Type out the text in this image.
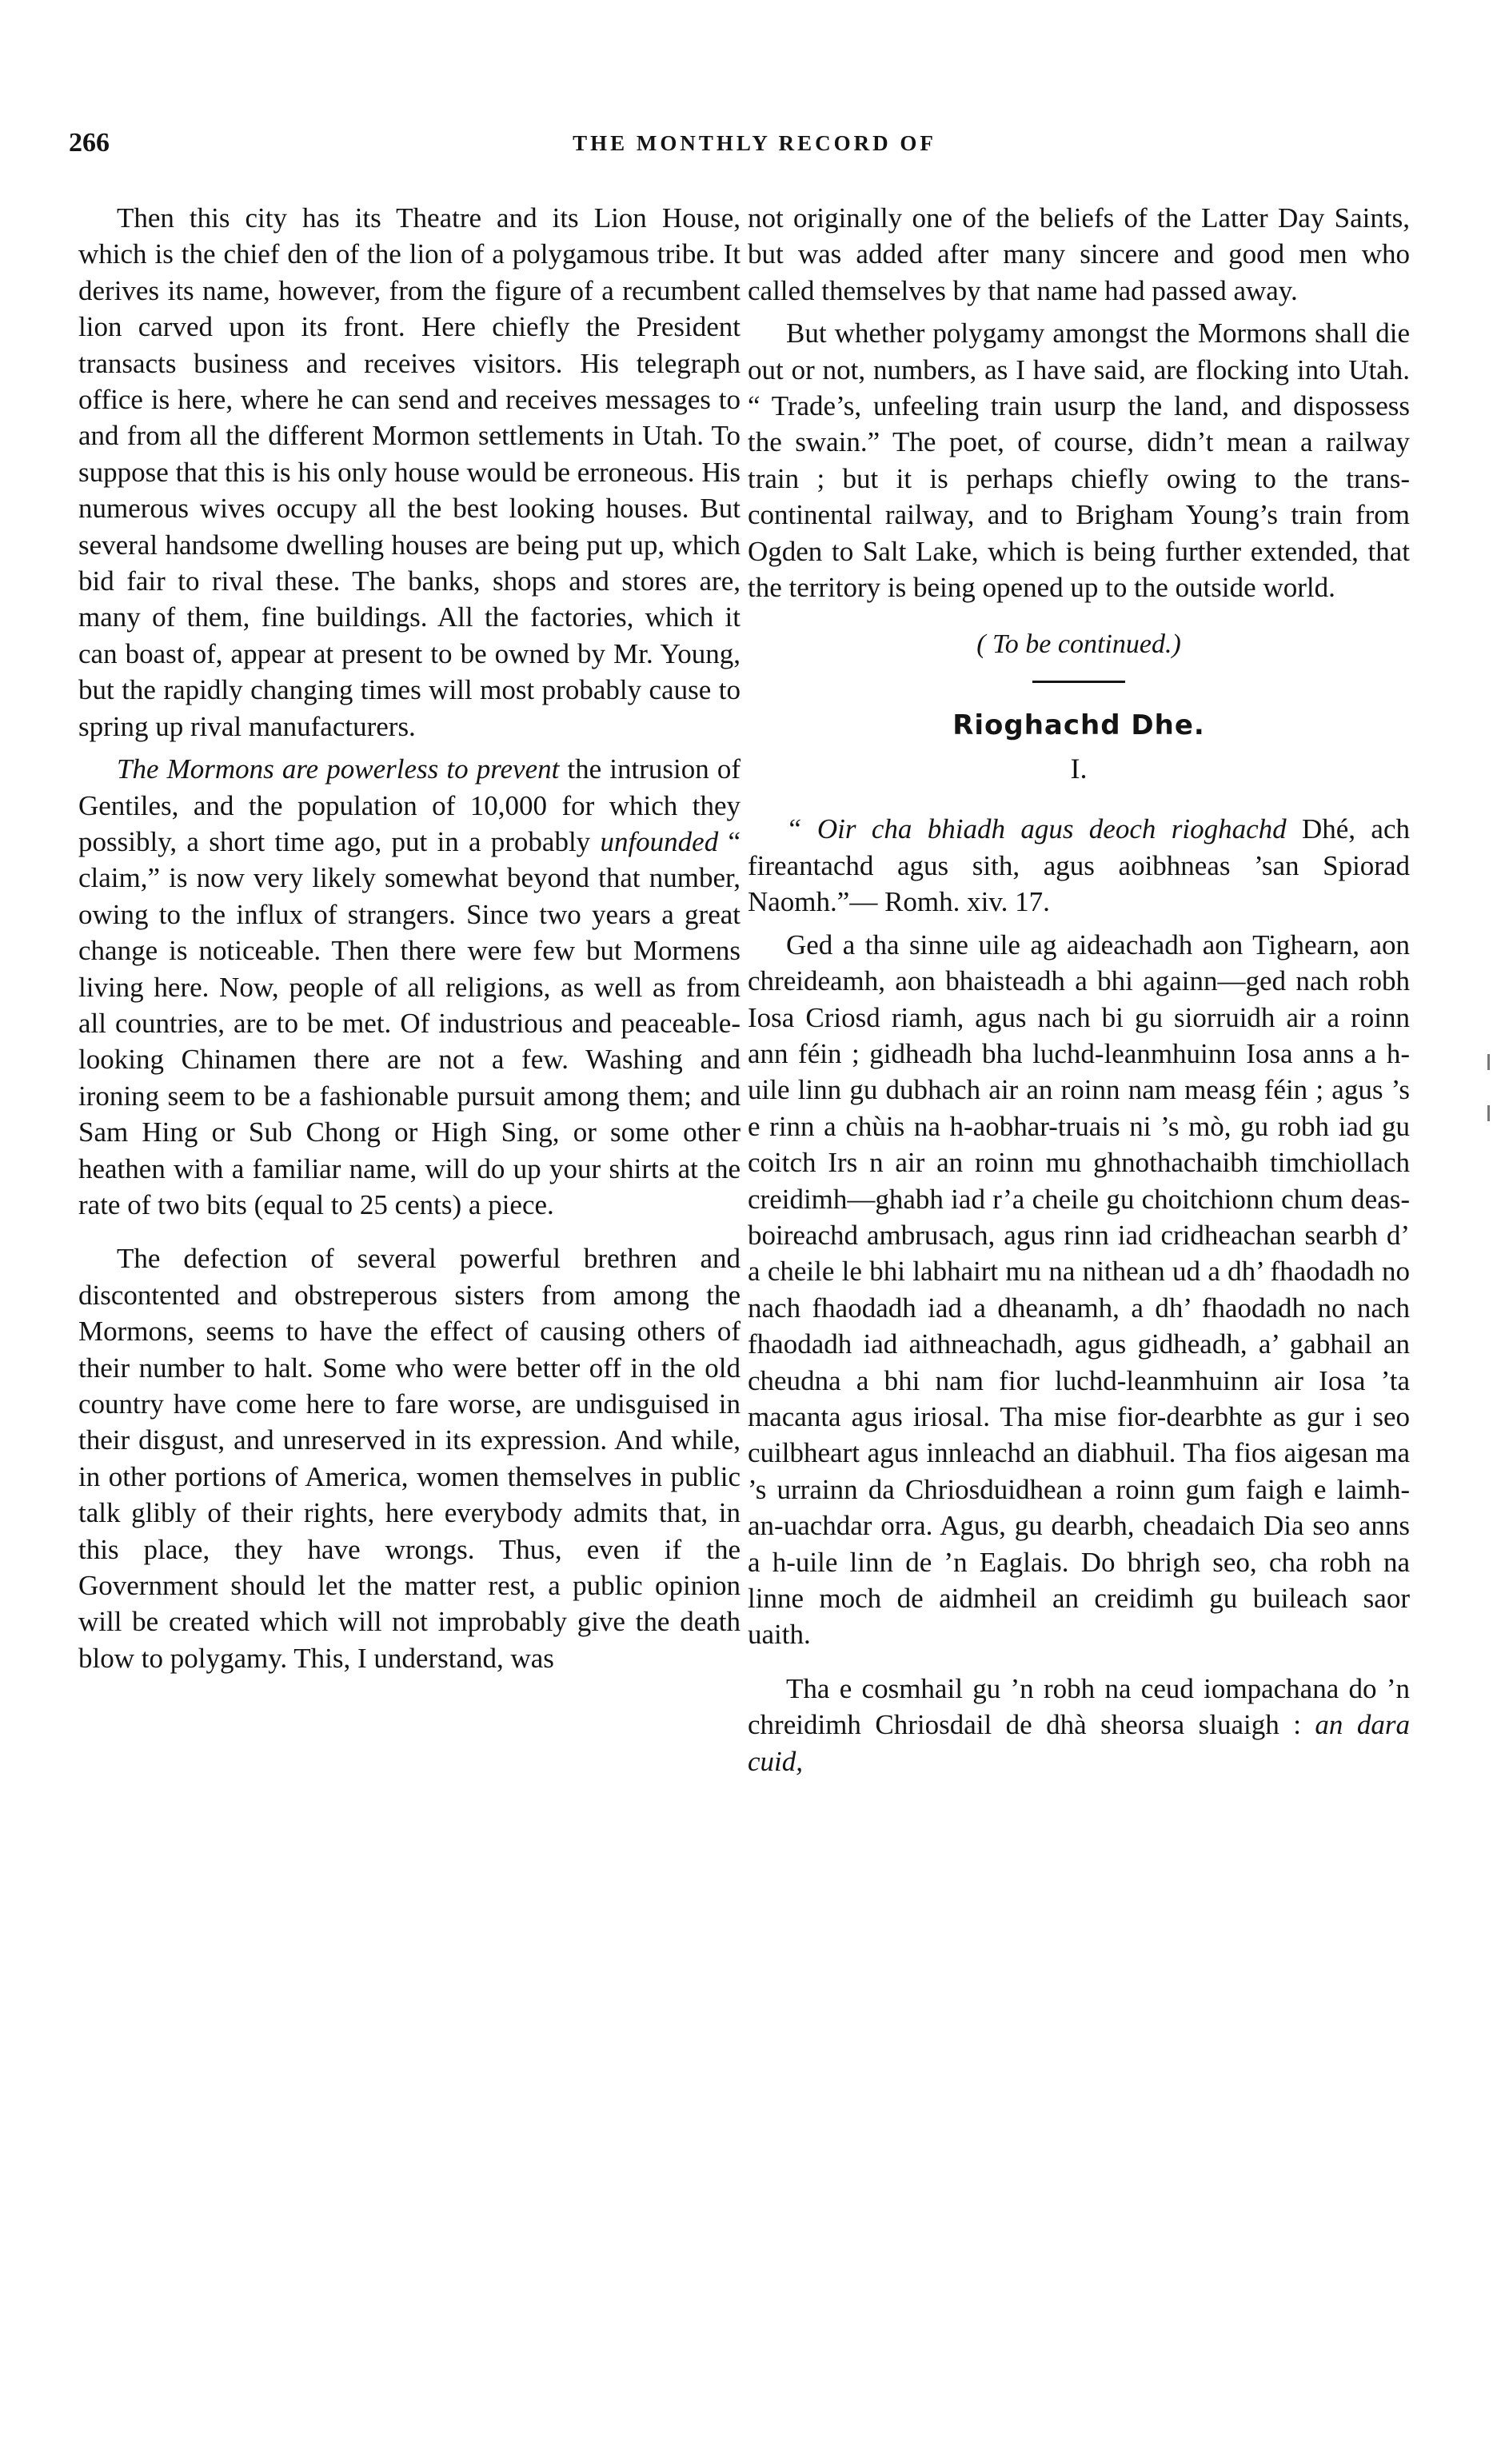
266	THE MONTHLY RECORD OF

Then this city has its Theatre and its Lion House, which is the chief den of the lion of a polygamous tribe. It derives its name, however, from the figure of a recumbent lion carved upon its front. Here chiefly the President transacts business and receives visitors. His telegraph office is here, where he can send and receives messages to and from all the different Mormon settlements in Utah. To suppose that this is his only house would be erroneous. His numerous wives occupy all the best looking houses. But several handsome dwelling houses are being put up, which bid fair to rival these. The banks, shops and stores are, many of them, fine buildings. All the factories, which it can boast of, appear at present to be owned by Mr. Young, but the rapidly changing times will most probably cause to spring up rival manufacturers.

The Mormons are powerless to prevent the intrusion of Gentiles, and the population of 10,000 for which they possibly, a short time ago, put in a probably unfounded “ claim,” is now very likely somewhat beyond that number, owing to the influx of strangers. Since two years a great change is noticeable. Then there were few but Mormens living here. Now, people of all religions, as well as from all countries, are to be met. Of industrious and peaceable-looking Chinamen there are not a few. Washing and ironing seem to be a fashionable pursuit among them; and Sam Hing or Sub Chong or High Sing, or some other heathen with a familiar name, will do up your shirts at the rate of two bits (equal to 25 cents) a piece.

The defection of several powerful brethren and discontented and obstreperous sisters from among the Mormons, seems to have the effect of causing others of their number to halt. Some who were better off in the old country have come here to fare worse, are undisguised in their disgust, and unreserved in its expression. And while, in other portions of America, women themselves in public talk glibly of their rights, here everybody admits that, in this place, they have wrongs. Thus, even if the Government should let the matter rest, a public opinion will be created which will not improbably give the death blow to polygamy. This, I understand, was

not originally one of the beliefs of the Latter Day Saints, but was added after many sincere and good men who called themselves by that name had passed away.

But whether polygamy amongst the Mormons shall die out or not, numbers, as I have said, are flocking into Utah. “ Trade’s, unfeeling train usurp the land, and dispossess the swain.” The poet, of course, didn’t mean a railway train ; but it is perhaps chiefly owing to the trans-continental railway, and to Brigham Young’s train from Ogden to Salt Lake, which is being further extended, that the territory is being opened up to the outside world.

( To be continued.)
Rioghachd Dhe.
I.

“ Oir cha bhiadh agus deoch rioghachd Dhé, ach fireantachd agus sith, agus aoibhneas ’san Spiorad Naomh.”— Romh. xiv. 17.

Ged a tha sinne uile ag aideachadh aon Tighearn, aon chreideamh, aon bhaisteadh a bhi againn—ged nach robh Iosa Criosd riamh, agus nach bi gu siorruidh air a roinn ann féin ; gidheadh bha luchd-leanmhuinn Iosa anns a h-uile linn gu dubhach air an roinn nam measg féin ; agus ’s e rinn a chùis na h-aobhar-truais ni ’s mò, gu robh iad gu coitch Irs n air an roinn mu ghnothachaibh timchiollach creidimh—ghabh iad r’a cheile gu choitchionn chum deas-boireachd ambrusach, agus rinn iad cridheachan searbh d’ a cheile le bhi labhairt mu na nithean ud a dh’ fhaodadh no nach fhaodadh iad a dheanamh, a dh’ fhaodadh no nach fhaodadh iad aithneachadh, agus gidheadh, a’ gabhail an cheudna a bhi nam fior luchd-leanmhuinn air Iosa ’ta macanta agus iriosal. Tha mise fior-dearbhte as gur i seo cuilbheart agus innleachd an diabhuil. Tha fios aigesan ma ’s urrainn da Chriosduidhean a roinn gum faigh e laimh-an-uachdar orra. Agus, gu dearbh, cheadaich Dia seo anns a h-uile linn de ’n Eaglais. Do bhrigh seo, cha robh na linne moch de aidmheil an creidimh gu buileach saor uaith.

Tha e cosmhail gu ’n robh na ceud iompachana do ’n chreidimh Chriosdail de dhà sheorsa sluaigh : an dara cuid,
